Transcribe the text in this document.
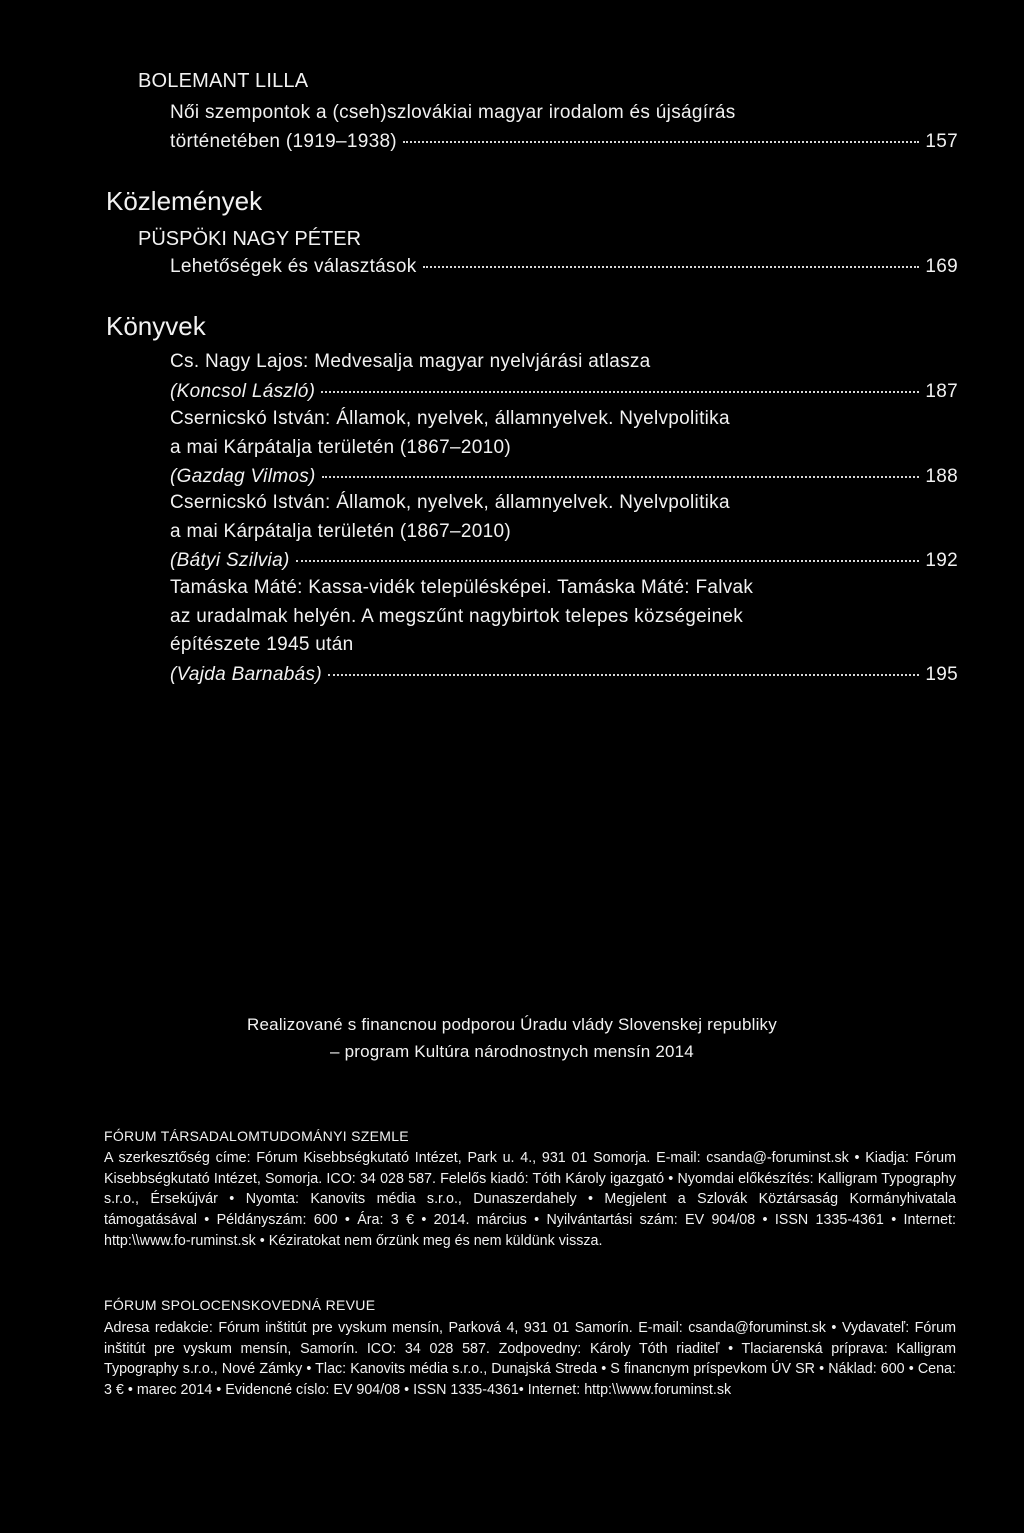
BOLEMANT LILLA
Női szempontok a (cseh)szlovákiai magyar irodalom és újságírás
történetében (1919–1938)	157
Közlemények
PÜSPÖKI NAGY PÉTER
Lehetőségek és választások	169
Könyvek
Cs. Nagy Lajos: Medvesalja magyar nyelvjárási atlasza
(Koncsol László)	187
Csernicskó István: Államok, nyelvek, államnyelvek. Nyelvpolitika
a mai Kárpátalja területén (1867–2010)
(Gazdag Vilmos)	188
Csernicskó István: Államok, nyelvek, államnyelvek. Nyelvpolitika
a mai Kárpátalja területén (1867–2010)
(Bátyi Szilvia)	192
Tamáska Máté: Kassa-vidék településképei. Tamáska Máté: Falvak
az uradalmak helyén. A megszűnt nagybirtok telepes községeinek
építészete 1945 után
(Vajda Barnabás)	195
Realizované s financnou podporou Úradu vlády Slovenskej republiky
– program Kultúra národnostnych mensín 2014
FÓRUM TÁRSADALOMTUDOMÁNYI SZEMLE
A szerkesztőség címe: Fórum Kisebbségkutató Intézet, Park u. 4., 931 01 Somorja. E-mail: csanda@-foruminst.sk • Kiadja: Fórum Kisebbségkutató Intézet, Somorja. ICO: 34 028 587. Felelős kiadó: Tóth Károly igazgató • Nyomdai előkészítés: Kalligram Typography s.r.o., Érsekújvár • Nyomta: Kanovits média s.r.o., Dunaszerdahely • Megjelent a Szlovák Köztársaság Kormányhivatala támogatásával • Példányszám: 600 • Ára: 3 € • 2014. március • Nyilvántartási szám: EV 904/08 • ISSN 1335-4361 • Internet: http:\\www.fo-ruminst.sk • Kéziratokat nem őrzünk meg és nem küldünk vissza.
FÓRUM SPOLOCENSKOVEDNÁ REVUE
Adresa redakcie: Fórum inštitút pre vyskum mensín, Parková 4, 931 01 Samorín. E-mail: csanda@foruminst.sk • Vydavateľ: Fórum inštitút pre vyskum mensín, Samorín. ICO: 34 028 587. Zodpovedny: Károly Tóth riaditeľ • Tlaciarenská príprava: Kalligram Typography s.r.o., Nové Zámky • Tlac: Kanovits média s.r.o., Dunajská Streda • S financnym príspevkom ÚV SR • Náklad: 600 • Cena: 3 € • marec 2014 • Evidencné císlo: EV 904/08 • ISSN 1335-4361• Internet: http:\\www.foruminst.sk
